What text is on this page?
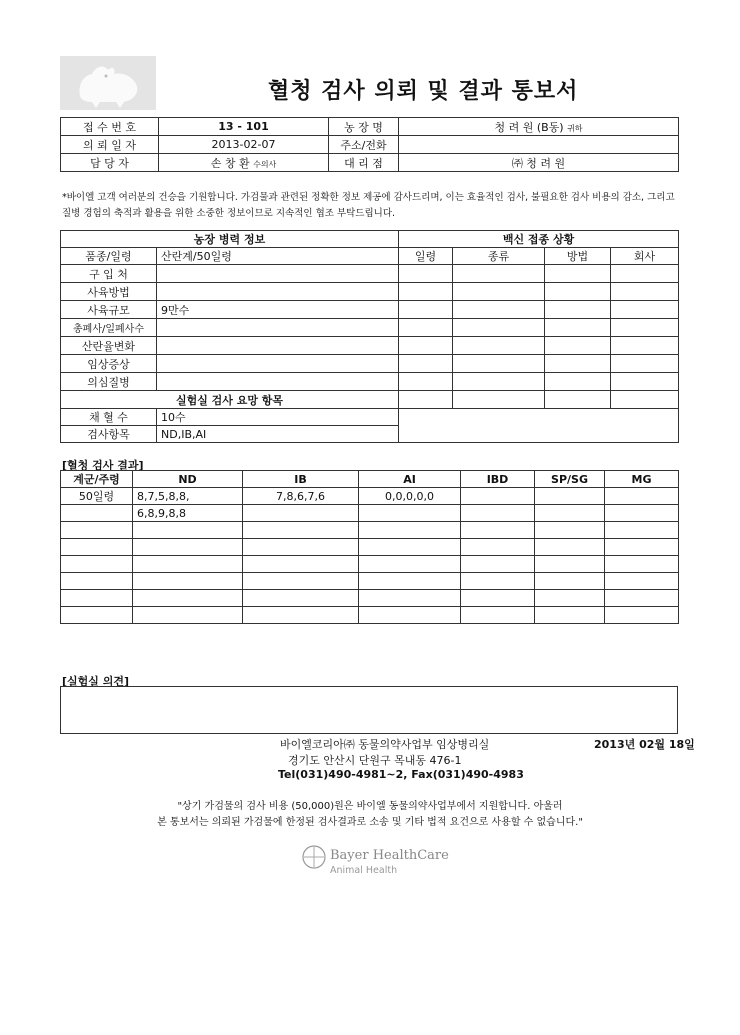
혈청 검사 의뢰 및 결과 통보서
접 수 번 호	13 - 101	농 장 명	청 려 원 (B동) 귀하
의 뢰 일 자	2013-02-07	주소/전화	
담 당 자	손 창 환 수의사	대 리 점	㈜ 청 려 원
*바이엘 고객 여러분의 건승을 기원합니다. 가검물과 관련된 정확한 정보 제공에 감사드리며, 이는 효율적인 검사, 불필요한 검사 비용의 감소, 그리고 질병 경험의 축적과 활용을 위한 소중한 정보이므로 지속적인 협조 부탁드립니다.
농장 병력 정보		백신 접종 상황			
품종/일령	산란계/50일령	일령	종류	방법	회사
구 입 처					
사육방법					
사육규모	9만수				
총폐사/일폐사수					
산란율변화					
임상증상					
의심질병					
실험실 검사 요망 항목					
채 혈 수	10수				
검사항목	ND,IB,AI				
[혈청 검사 결과]
계군/주령	ND	IB	AI	IBD	SP/SG	MG
50일령	8,7,5,8,8,	7,8,6,7,6	0,0,0,0,0			
	6,8,9,8,8					

[실험실 의견]
바이엘코리아㈜ 동물의약사업부 임상병리실	2013년 02월 18일
경기도 안산시 단원구 목내동 476-1
Tel(031)490-4981~2, Fax(031)490-4983
"상기 가검물의 검사 비용 (50,000)원은 바이엘 동물의약사업부에서 지원합니다. 아울러
본 통보서는 의뢰된 가검물에 한정된 검사결과로 소송 및 기타 법적 요건으로 사용할 수 없습니다."
Bayer HealthCare
Animal Health
